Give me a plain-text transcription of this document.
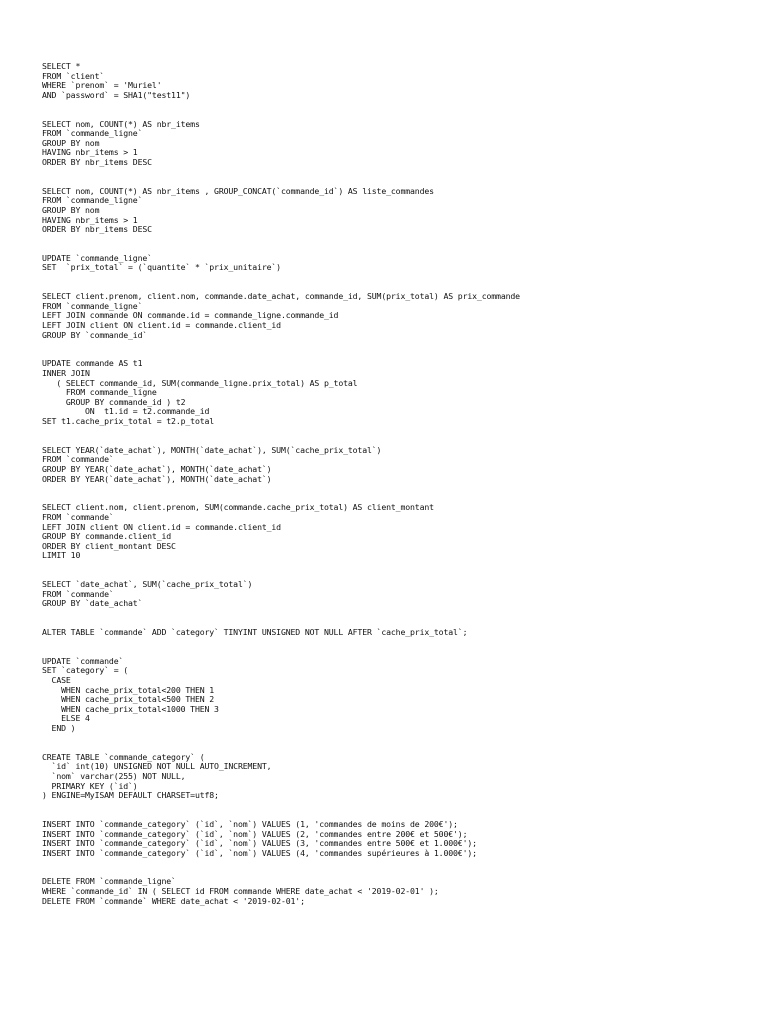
SELECT *
FROM `client`
WHERE `prenom` = 'Muriel'
AND `password` = SHA1("test11")
SELECT nom, COUNT(*) AS nbr_items
FROM `commande_ligne`
GROUP BY nom
HAVING nbr_items > 1
ORDER BY nbr_items DESC
SELECT nom, COUNT(*) AS nbr_items , GROUP_CONCAT(`commande_id`) AS liste_commandes
FROM `commande_ligne`
GROUP BY nom
HAVING nbr_items > 1
ORDER BY nbr_items DESC
UPDATE `commande_ligne`
SET  `prix_total` = (`quantite` * `prix_unitaire`)
SELECT client.prenom, client.nom, commande.date_achat, commande_id, SUM(prix_total) AS prix_commande
FROM `commande_ligne`
LEFT JOIN commande ON commande.id = commande_ligne.commande_id
LEFT JOIN client ON client.id = commande.client_id
GROUP BY `commande_id`
UPDATE commande AS t1
INNER JOIN
( SELECT commande_id, SUM(commande_ligne.prix_total) AS p_total
FROM commande_ligne
GROUP BY commande_id ) t2
ON  t1.id = t2.commande_id
SET t1.cache_prix_total = t2.p_total
SELECT YEAR(`date_achat`), MONTH(`date_achat`), SUM(`cache_prix_total`)
FROM `commande`
GROUP BY YEAR(`date_achat`), MONTH(`date_achat`)
ORDER BY YEAR(`date_achat`), MONTH(`date_achat`)
SELECT client.nom, client.prenom, SUM(commande.cache_prix_total) AS client_montant
FROM `commande`
LEFT JOIN client ON client.id = commande.client_id
GROUP BY commande.client_id
ORDER BY client_montant DESC
LIMIT 10
SELECT `date_achat`, SUM(`cache_prix_total`)
FROM `commande`
GROUP BY `date_achat`
ALTER TABLE `commande` ADD `category` TINYINT UNSIGNED NOT NULL AFTER `cache_prix_total`;
UPDATE `commande`
SET `category` = (
CASE
WHEN cache_prix_total<200 THEN 1
WHEN cache_prix_total<500 THEN 2
WHEN cache_prix_total<1000 THEN 3
ELSE 4
END )
CREATE TABLE `commande_category` (
`id` int(10) UNSIGNED NOT NULL AUTO_INCREMENT,
`nom` varchar(255) NOT NULL,
PRIMARY KEY (`id`)
) ENGINE=MyISAM DEFAULT CHARSET=utf8;
INSERT INTO `commande_category` (`id`, `nom`) VALUES (1, 'commandes de moins de 200€');
INSERT INTO `commande_category` (`id`, `nom`) VALUES (2, 'commandes entre 200€ et 500€');
INSERT INTO `commande_category` (`id`, `nom`) VALUES (3, 'commandes entre 500€ et 1.000€');
INSERT INTO `commande_category` (`id`, `nom`) VALUES (4, 'commandes supérieures à 1.000€');
DELETE FROM `commande_ligne`
WHERE `commande_id` IN ( SELECT id FROM commande WHERE date_achat < '2019-02-01' );
DELETE FROM `commande` WHERE date_achat < '2019-02-01';
